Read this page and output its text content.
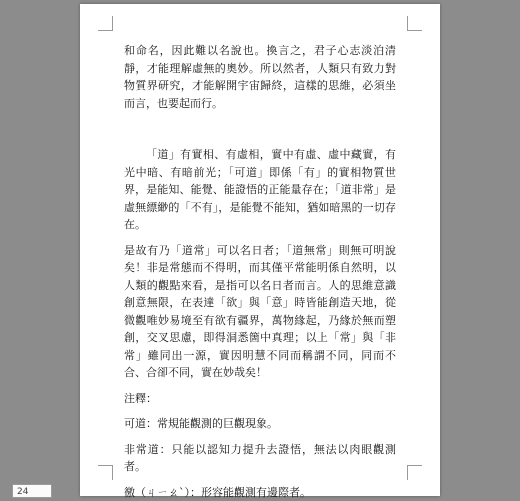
和命名，因此難以名說也。換言之，君子心志淡泊清靜，才能理解虛無的奧妙。所以然者，人類只有致力對物質界研究，才能解開宇宙歸終，這樣的思維，必須坐而言，也要起而行。

「道」有實相、有虛相，實中有虛、虛中藏實，有光中暗、有暗前光；「可道」即係「有」的實相物質世界，是能知、能覺、能證悟的正能量存在；「道非常」是虛無縹緲的「不有」，是能覺不能知，猶如暗黑的一切存在。

是故有乃「道常」可以名日者；「道無常」則無可明說矣！非是常態而不得明，而其僅平常能明係自然明，以人類的觀點來看，是指可以名日者而言。人的思維意識創意無限，在表達「欲」與「意」時皆能創造天地，從微觀唯妙易境至有欲有疆界，萬物緣起，乃緣於無而塑創，交叉思慮，即得洞悉箇中真理；以上「常」與「非常」雖同出一源，實因明慧不同而稱謂不同，同而不合、合卻不同，實在妙哉矣！

注釋：

可道：常規能觀測的巨觀現象。

非常道：只能以認知力提升去證悟，無法以肉眼觀測者。

徼（ㄐㄧㄠˋ）：形容能觀測有邊際者。

24
